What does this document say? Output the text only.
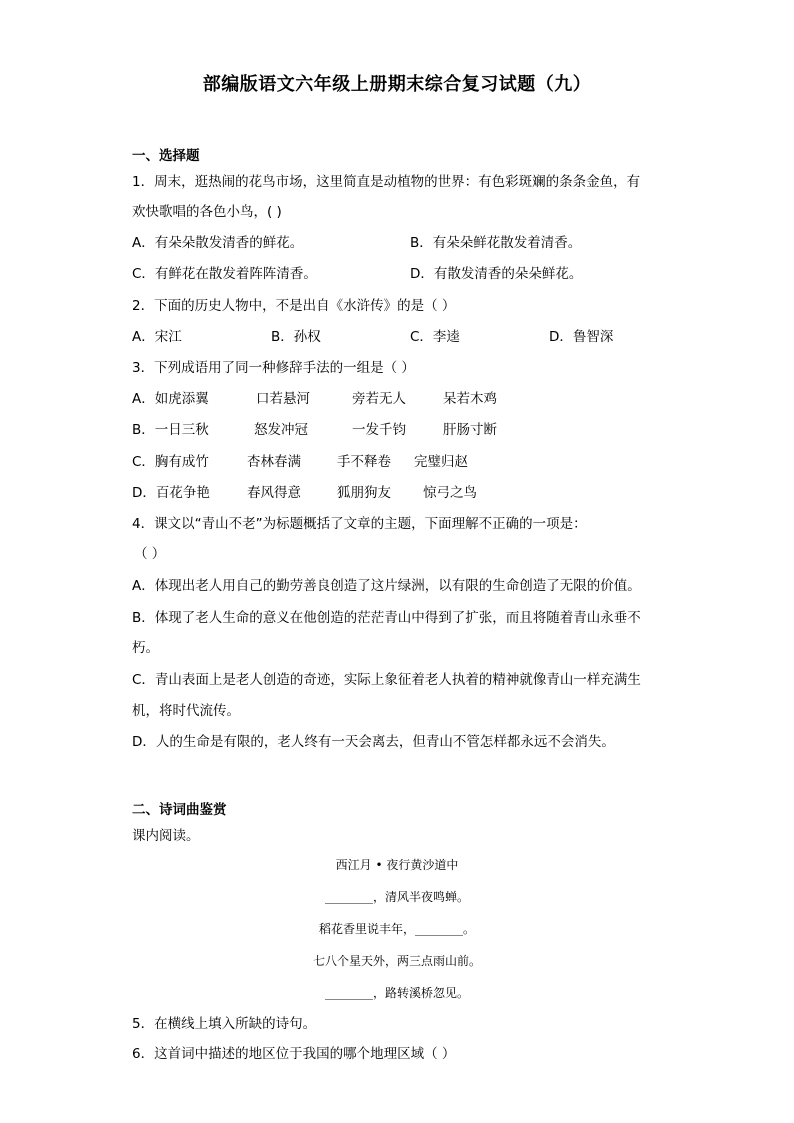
部编版语文六年级上册期末综合复习试题（九）
一、选择题
1．周末，逛热闹的花鸟市场，这里简直是动植物的世界：有色彩斑斓的条条金鱼，有
欢快歌唱的各色小鸟，( )
A．有朵朵散发清香的鲜花。	B．有朵朵鲜花散发着清香。
C．有鲜花在散发着阵阵清香。	D．有散发清香的朵朵鲜花。
2．下面的历史人物中，不是出自《水浒传》的是（ ）
A．宋江	B．孙权	C．李逵	D．鲁智深
3．下列成语用了同一种修辞手法的一组是（ ）
A．如虎添翼	口若悬河	旁若无人	呆若木鸡
B．一日三秋	怒发冲冠	一发千钧	肝肠寸断
C．胸有成竹	杏林春满	手不释卷 完璧归赵
D．百花争艳	春风得意	狐朋狗友 惊弓之鸟
4．课文以“青山不老”为标题概括了文章的主题，下面理解不正确的一项是：
（ ）
A．体现出老人用自己的勤劳善良创造了这片绿洲，以有限的生命创造了无限的价值。
B．体现了老人生命的意义在他创造的茫茫青山中得到了扩张，而且将随着青山永垂不
朽。
C．青山表面上是老人创造的奇迹，实际上象征着老人执着的精神就像青山一样充满生
机，将时代流传。
D．人的生命是有限的，老人终有一天会离去，但青山不管怎样都永远不会消失。
二、诗词曲鉴赏
课内阅读。
西江月 • 夜行黄沙道中
________，清风半夜鸣蝉。
稻花香里说丰年，________。
七八个星天外，两三点雨山前。
________，路转溪桥忽见。
5．在横线上填入所缺的诗句。
6．这首词中描述的地区位于我国的哪个地理区域（ ）
